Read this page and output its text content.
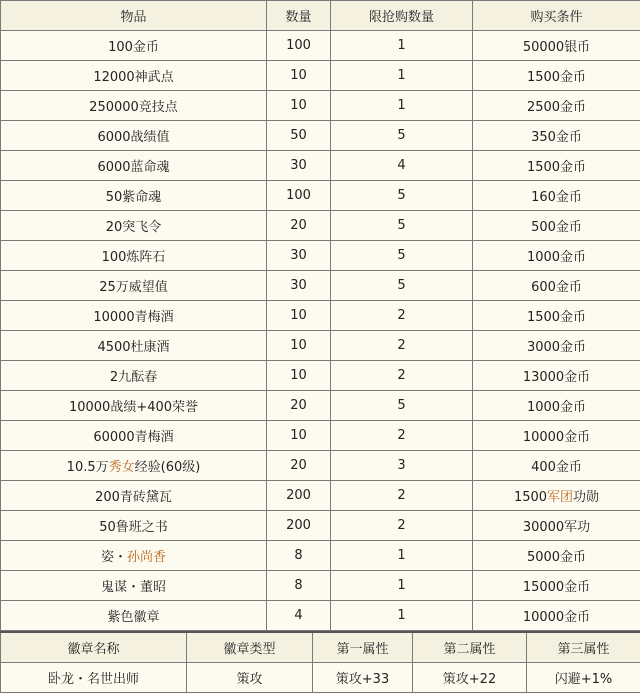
物品	数量	限抢购数量	购买条件
100金币	100	1	50000银币
12000神武点	10	1	1500金币
250000竞技点	10	1	2500金币
6000战绩值	50	5	350金币
6000蓝命魂	30	4	1500金币
50紫命魂	100	5	160金币
20突飞令	20	5	500金币
100炼阵石	30	5	1000金币
25万威望值	30	5	600金币
10000青梅酒	10	2	1500金币
4500杜康酒	10	2	3000金币
2九酝春	10	2	13000金币
10000战绩+400荣誉	20	5	1000金币
60000青梅酒	10	2	10000金币
10.5万秀女经验(60级)	20	3	400金币
200青砖黛瓦	200	2	1500军团功勋
50鲁班之书	200	2	30000军功
姿・孙尚香	8	1	5000金币
鬼谋・董昭	8	1	15000金币
紫色徽章	4	1	10000金币
徽章名称	徽章类型	第一属性	第二属性	第三属性
卧龙・名世出师	策攻	策攻+33	策攻+22	闪避+1%
